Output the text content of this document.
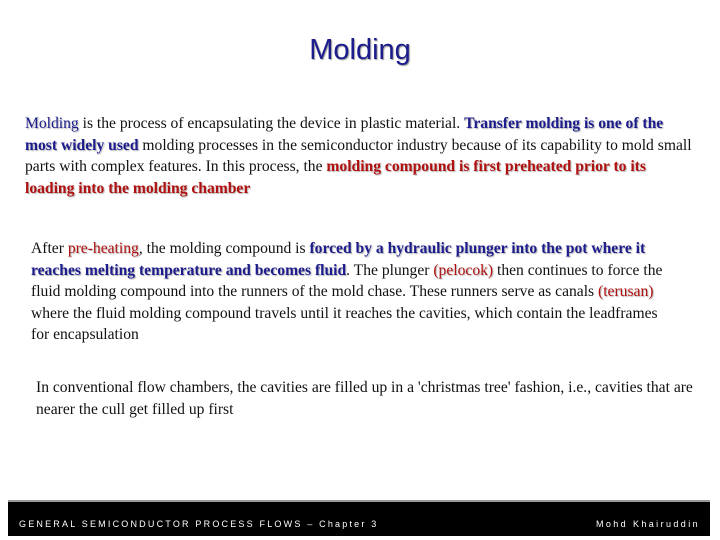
Molding

Molding is the process of encapsulating the device in plastic material. Transfer molding is one of the most widely used molding processes in the semiconductor industry because of its capability to mold small parts with complex features. In this process, the molding compound is first preheated prior to its loading into the molding chamber

After pre-heating, the molding compound is forced by a hydraulic plunger into the pot where it reaches melting temperature and becomes fluid. The plunger (pelocok) then continues to force the fluid molding compound into the runners of the mold chase. These runners serve as canals (terusan) where the fluid molding compound travels until it reaches the cavities, which contain the leadframes for encapsulation

In conventional flow chambers, the cavities are filled up in a 'christmas tree' fashion, i.e., cavities that are nearer the cull get filled up first

GENERAL SEMICONDUCTOR PROCESS FLOWS – Chapter 3	Mohd Khairuddin
